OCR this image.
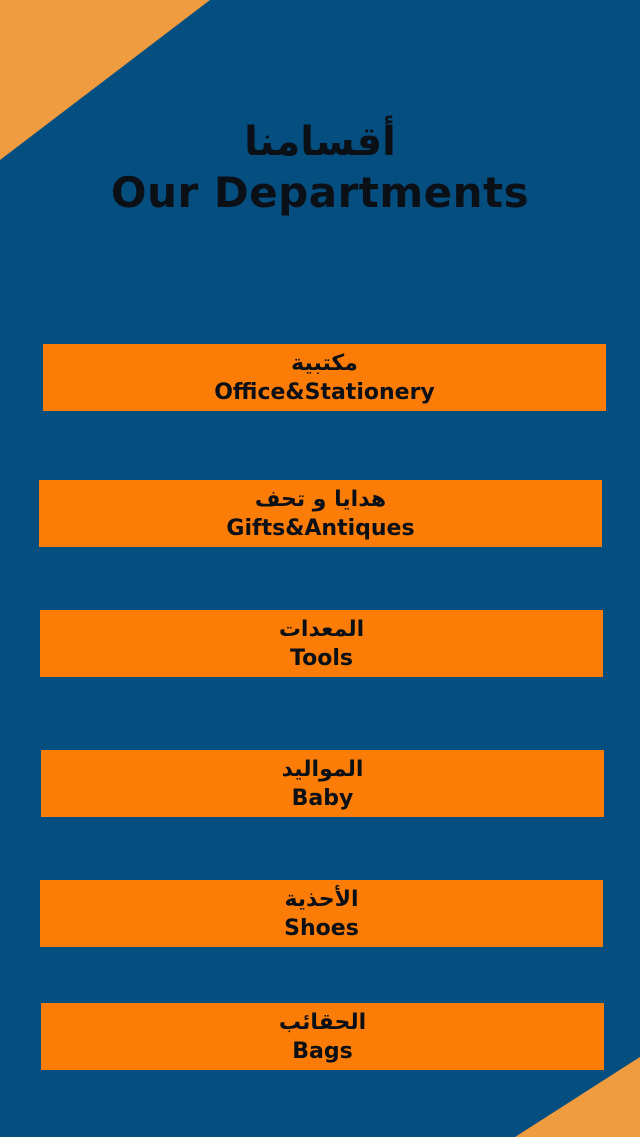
أقسامنا
Our Departments
مكتبية
Office&Stationery
هدايا و تحف
Gifts&Antiques
المعدات
Tools
المواليد
Baby
الأحذية
Shoes
الحقائب
Bags
